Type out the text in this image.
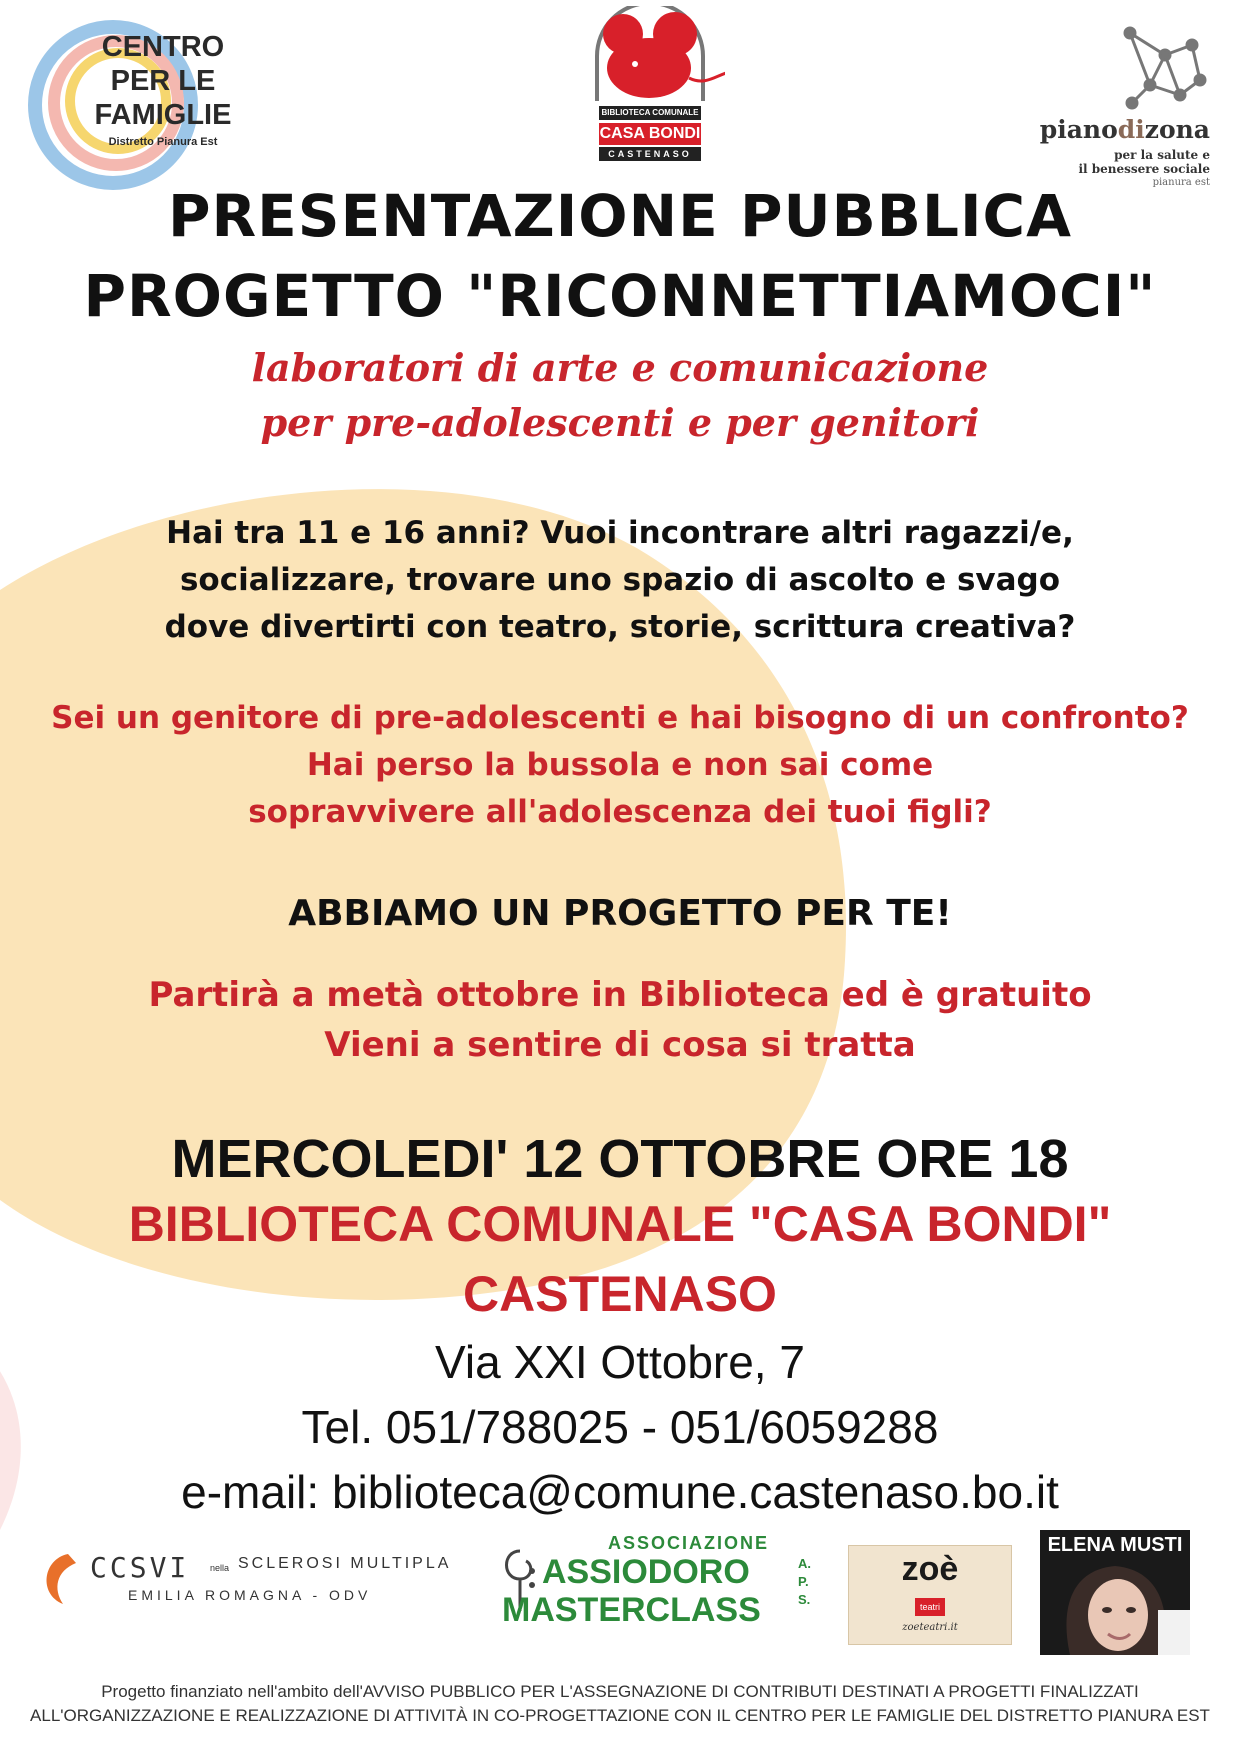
CENTRO
PER LE
FAMIGLIE
Distretto Pianura Est
BIBLIOTECA COMUNALE
CASA BONDI
CASTENASO
pianodizona
per la salute e
il benessere sociale
pianura est
PRESENTAZIONE PUBBLICA
PROGETTO "RICONNETTIAMOCI"
laboratori di arte e comunicazione
per pre-adolescenti e per genitori
Hai tra 11 e 16 anni? Vuoi incontrare altri ragazzi/e,
socializzare, trovare uno spazio di ascolto e svago
dove divertirti con teatro, storie, scrittura creativa?
Sei un genitore di pre-adolescenti e hai bisogno di un confronto?
Hai perso la bussola e non sai come
sopravvivere all'adolescenza dei tuoi figli?
ABBIAMO UN PROGETTO PER TE!
Partirà a metà ottobre in Biblioteca ed è gratuito
Vieni a sentire di cosa si tratta
MERCOLEDI' 12 OTTOBRE ORE 18
BIBLIOTECA COMUNALE "CASA BONDI"
CASTENASO
Via XXI Ottobre, 7
Tel. 051/788025 - 051/6059288
e-mail: biblioteca@comune.castenaso.bo.it
CCSVI nella SCLEROSI MULTIPLA
EMILIA ROMAGNA - ODV
ASSOCIAZIONE
ASSIODORO
MASTERCLASS
A.P.S.
zoè
teatri
zoeteatri.it
ELENA MUSTI
Progetto finanziato nell'ambito dell'AVVISO PUBBLICO PER L'ASSEGNAZIONE DI CONTRIBUTI DESTINATI A PROGETTI FINALIZZATI
ALL'ORGANIZZAZIONE E REALIZZAZIONE DI ATTIVITÀ IN CO-PROGETTAZIONE CON IL CENTRO PER LE FAMIGLIE DEL DISTRETTO PIANURA EST
